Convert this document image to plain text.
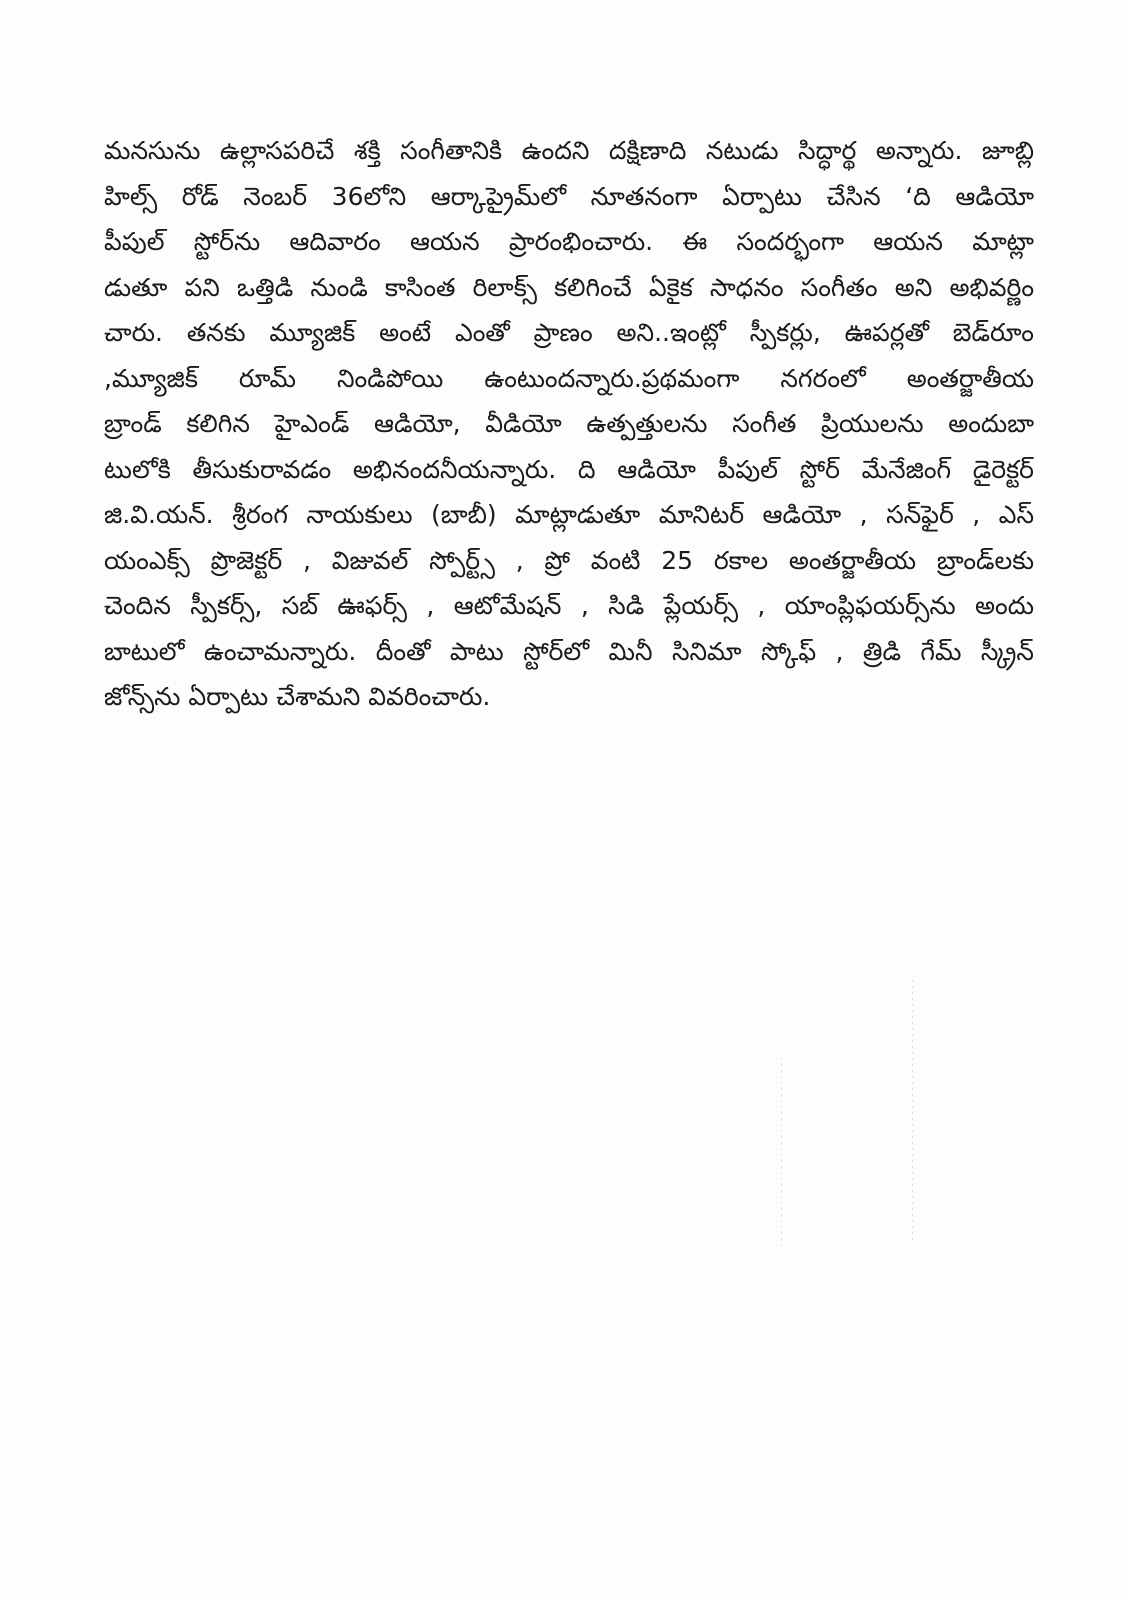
మనసును ఉల్లాసపరిచే శక్తి సంగీతానికి ఉందని దక్షిణాది నటుడు సిద్ధార్థ అన్నారు. జూబ్లి
హిల్స్ రోడ్ నెంబర్ 36లోని ఆర్కాప్రైమ్‌లో నూతనంగా ఏర్పాటు చేసిన ‘ది ఆడియో
పీపుల్ స్టోర్‌ను ఆదివారం ఆయన ప్రారంభించారు. ఈ సందర్భంగా ఆయన మాట్లా
డుతూ పని ఒత్తిడి నుండి కాసింత రిలాక్స్ కలిగించే ఏకైక సాధనం సంగీతం అని అభివర్ణిం
చారు. తనకు మ్యూజిక్ అంటే ఎంతో ప్రాణం అని..ఇంట్లో స్పీకర్లు, ఊపర్లతో బెడ్‌రూం
,మ్యూజిక్ రూమ్ నిండిపోయి ఉంటుందన్నారు.ప్రథమంగా నగరంలో అంతర్జాతీయ
బ్రాండ్ కలిగిన హైఎండ్ ఆడియో, వీడియో ఉత్పత్తులను సంగీత ప్రియులను అందుబా
టులోకి తీసుకురావడం అభినందనీయన్నారు. ది ఆడియో పీపుల్ స్టోర్ మేనేజింగ్ డైరెక్టర్
జి.వి.యన్. శ్రీరంగ నాయకులు (బాబీ) మాట్లాడుతూ మానిటర్ ఆడియో , సన్‌ఫైర్ , ఎస్
యంఎక్స్ ప్రొజెక్టర్ , విజువల్ స్పోర్ట్స్ , ప్రో వంటి 25 రకాల అంతర్జాతీయ బ్రాండ్‌లకు
చెందిన స్పీకర్స్, సబ్ ఊఫర్స్ , ఆటోమేషన్ , సిడి ప్లేయర్స్ , యాంప్లిఫయర్స్‌ను అందు
బాటులో ఉంచామన్నారు. దీంతో పాటు స్టోర్‌లో మినీ సినిమా స్కోఫ్ , త్రిడి గేమ్ స్క్రీన్
జోన్స్‌ను ఏర్పాటు చేశామని వివరించారు.
